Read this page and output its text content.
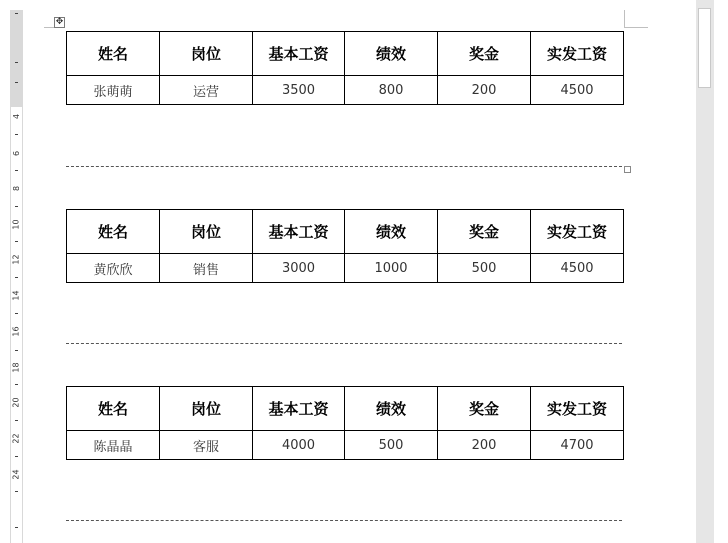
4
6
8
10
12
14
16
18
20
22
24
✥
姓名	岗位	基本工资	绩效	奖金	实发工资
张萌萌	运营	3500	800	200	4500
姓名	岗位	基本工资	绩效	奖金	实发工资
黄欣欣	销售	3000	1000	500	4500
姓名	岗位	基本工资	绩效	奖金	实发工资
陈晶晶	客服	4000	500	200	4700
